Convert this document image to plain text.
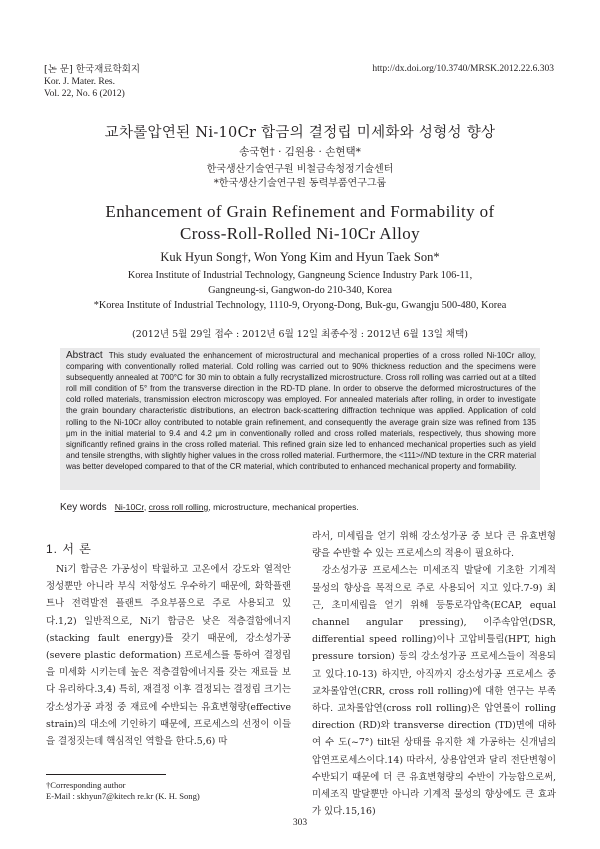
[논 문] 한국재료학회지
Kor. J. Mater. Res.
Vol. 22, No. 6 (2012)
http://dx.doi.org/10.3740/MRSK.2012.22.6.303
교차롤압연된 Ni-10Cr 합금의 결정립 미세화와 성형성 향상
송국현† · 김원용 · 손현택*
한국생산기술연구원 비철금속청정기술센터
*한국생산기술연구원 동력부품연구그룹
Enhancement of Grain Refinement and Formability of
Cross-Roll-Rolled Ni-10Cr Alloy
Kuk Hyun Song†, Won Yong Kim and Hyun Taek Son*
Korea Institute of Industrial Technology, Gangneung Science Industry Park 106-11,
Gangneung-si, Gangwon-do 210-340, Korea
*Korea Institute of Industrial Technology, 1110-9, Oryong-Dong, Buk-gu, Gwangju 500-480, Korea
(2012년 5월 29일 접수 : 2012년 6월 12일 최종수정 : 2012년 6월 13일 채택)
Abstract This study evaluated the enhancement of microstructural and mechanical properties of a cross rolled Ni-10Cr alloy, comparing with conventionally rolled material. Cold rolling was carried out to 90% thickness reduction and the specimens were subsequently annealed at 700°C for 30 min to obtain a fully recrystallized microstructure. Cross roll rolling was carried out at a tilted roll mill condition of 5° from the transverse direction in the RD-TD plane. In order to observe the deformed microstructures of the cold rolled materials, transmission electron microscopy was employed. For annealed materials after rolling, in order to investigate the grain boundary characteristic distributions, an electron back-scattering diffraction technique was applied. Application of cold rolling to the Ni-10Cr alloy contributed to notable grain refinement, and consequently the average grain size was refined from 135 μm in the initial material to 9.4 and 4.2 μm in conventionally rolled and cross rolled materials, respectively, thus showing more significantly refined grains in the cross rolled material. This refined grain size led to enhanced mechanical properties such as yield and tensile strengths, with slightly higher values in the cross rolled material. Furthermore, the <111>//ND texture in the CRR material was better developed compared to that of the CR material, which contributed to enhanced mechanical property and formability.
Key words Ni-10Cr, cross roll rolling, microstructure, mechanical properties.
1. 서 론

Ni기 합금은 가공성이 탁월하고 고온에서 강도와 열적안정성뿐만 아니라 부식 저항성도 우수하기 때문에, 화학플랜트나 전력발전 플랜트 주요부품으로 주로 사용되고 있다.1,2) 일반적으로, Ni기 합금은 낮은 적층결함에너지(stacking fault energy)를 갖기 때문에, 강소성가공(severe plastic deformation) 프로세스를 통하여 결정립을 미세화 시키는데 높은 적층결함에너지를 갖는 재료들 보다 유리하다.3,4) 특히, 재결정 이후 결정되는 결정립 크기는 강소성가공 과정 중 재료에 수반되는 유효변형량(effective strain)의 대소에 기인하기 때문에, 프로세스의 선정이 이들을 결정짓는데 핵심적인 역할을 한다.5,6) 따

라서, 미세립을 얻기 위해 강소성가공 중 보다 큰 유효변형량을 수반할 수 있는 프로세스의 적용이 필요하다.

강소성가공 프로세스는 미세조직 발달에 기초한 기계적 물성의 향상을 목적으로 주로 사용되어 지고 있다.7-9) 최근, 초미세립을 얻기 위해 등통로각압축(ECAP, equal channel angular pressing), 이주속압연(DSR, differential speed rolling)이나 고압비틀림(HPT, high pressure torsion) 등의 강소성가공 프로세스들이 적용되고 있다.10-13) 하지만, 아직까지 강소성가공 프로세스 중 교차롤압연(CRR, cross roll rolling)에 대한 연구는 부족하다. 교차롤압연(cross roll rolling)은 압연롤이 rolling direction (RD)와 transverse direction (TD)면에 대하여 수 도(~7°) tilt된 상태를 유지한 채 가공하는 신개념의 압연프로세스이다.14) 따라서, 상용압연과 달리 전단변형이 수반되기 때문에 더 큰 유효변형량의 수반이 가능함으로써, 미세조직 발달뿐만 아니라 기계적 물성의 향상에도 큰 효과가 있다.15,16)

†Corresponding author
E-Mail : skhyun7@kitech re.kr (K. H. Song)
303
